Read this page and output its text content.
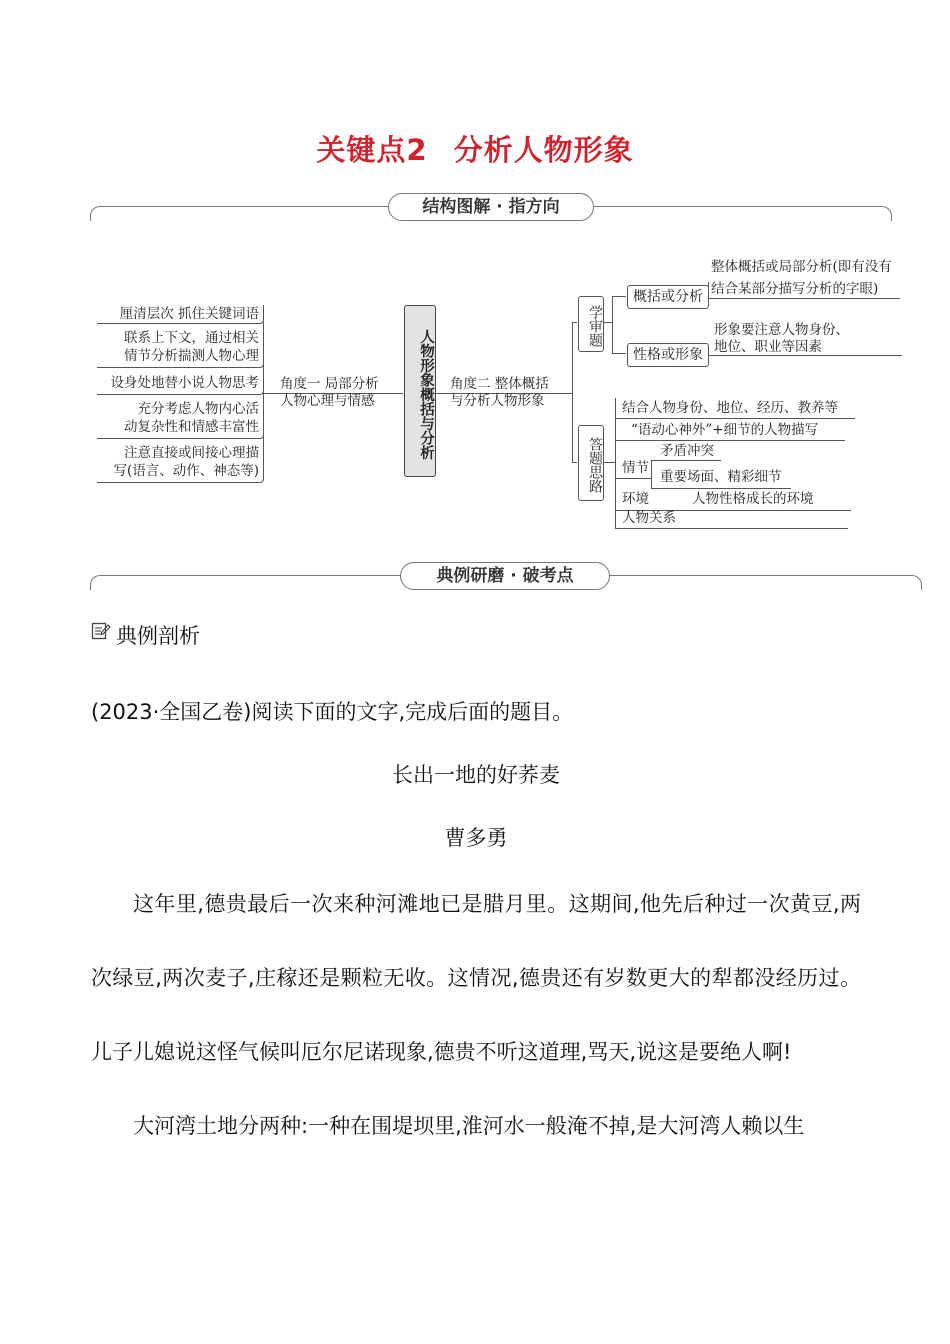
关键点2 分析人物形象
结构图解 · 指方向
厘清层次 抓住关键词语
联系上下文，通过相关
情节分析揣测人物心理
设身处地替小说人物思考
充分考虑人物内心活
动复杂性和情感丰富性
注意直接或间接心理描
写(语言、动作、神态等)
角度一 局部分析
人物心理与情感	人物形象概括与分析 角度二 整体概括
与分析人物形象
学审题
概括或分析
整体概括或局部分析(即有没有
结合某部分描写分析的字眼)
性格或形象
形象要注意人物身份、
地位、职业等因素
答题思路
结合人物身份、地位、经历、教养等
“语动心神外”+细节的人物描写
情节
矛盾冲突
重要场面、精彩细节
环境	人物性格成长的环境
人物关系
典例研磨 · 破考点
典例剖析
(2023·全国乙卷)阅读下面的文字,完成后面的题目。
长出一地的好荞麦
曹多勇

这年里,德贵最后一次来种河滩地已是腊月里。这期间,他先后种过一次黄豆,两次绿豆,两次麦子,庄稼还是颗粒无收。这情况,德贵还有岁数更大的犁都没经历过。儿子儿媳说这怪气候叫厄尔尼诺现象,德贵不听这道理,骂天,说这是要绝人啊!

大河湾土地分两种:一种在围堤坝里,淮河水一般淹不掉,是大河湾人赖以生
